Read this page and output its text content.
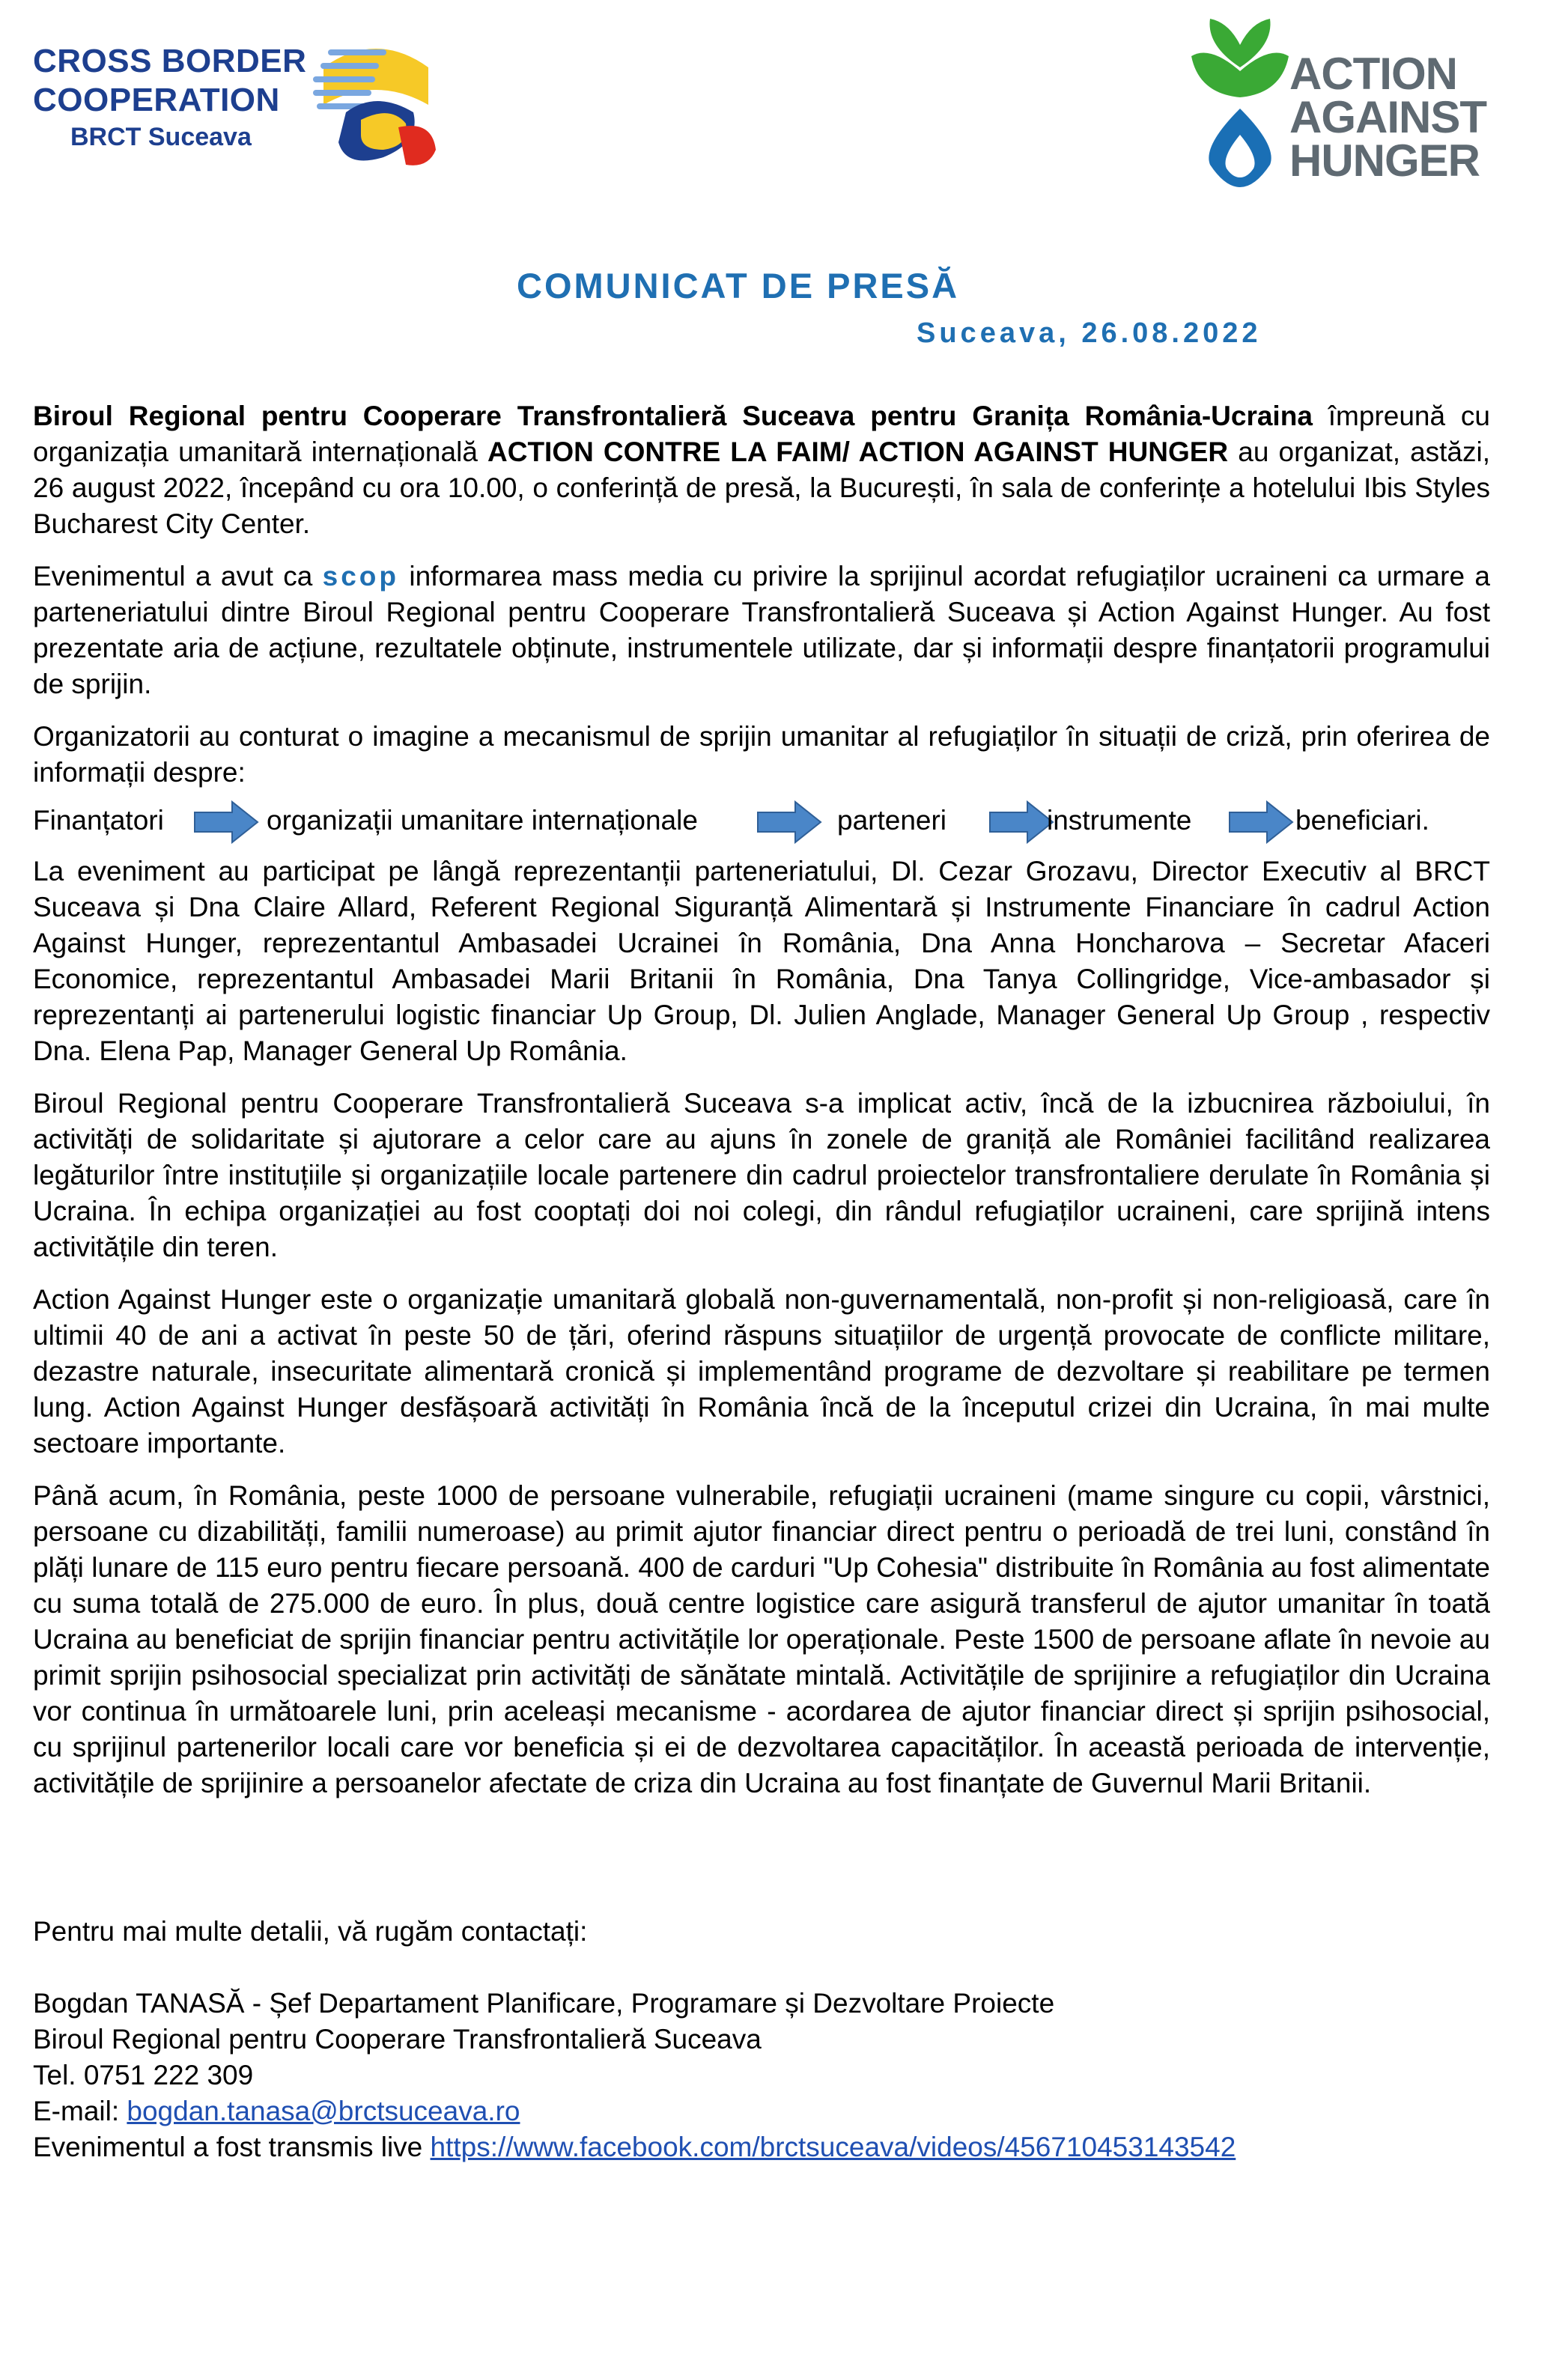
CROSS BORDER
COOPERATION
BRCT Suceava
ACTION
AGAINST
HUNGER
COMUNICAT DE PRESĂ
Suceava, 26.08.2022

Biroul Regional pentru Cooperare Transfrontalieră Suceava pentru Granița România-Ucraina împreună cu organizația umanitară internațională ACTION CONTRE LA FAIM/ ACTION AGAINST HUNGER au organizat, astăzi, 26 august 2022, începând cu ora 10.00, o conferință de presă, la București, în sala de conferințe a hotelului Ibis Styles Bucharest City Center.

Evenimentul a avut ca scop informarea mass media cu privire la sprijinul acordat refugiaților ucraineni ca urmare a parteneriatului dintre Biroul Regional pentru Cooperare Transfrontalieră Suceava și Action Against Hunger. Au fost prezentate aria de acțiune, rezultatele obținute, instrumentele utilizate, dar și informații despre finanțatorii programului de sprijin.

Organizatorii au conturat o imagine a mecanismul de sprijin umanitar al refugiaților în situații de criză, prin oferirea de informații despre:

Finanțatori	organizații umanitare internaționale	parteneri	instrumente	beneficiari.

La eveniment au participat pe lângă reprezentanții parteneriatului, Dl. Cezar Grozavu, Director Executiv al BRCT Suceava și Dna Claire Allard, Referent Regional Siguranță Alimentară și Instrumente Financiare în cadrul Action Against Hunger, reprezentantul Ambasadei Ucrainei în România, Dna Anna Honcharova – Secretar Afaceri Economice, reprezentantul Ambasadei Marii Britanii în România, Dna Tanya Collingridge, Vice-ambasador și reprezentanți ai partenerului logistic financiar Up Group, Dl. Julien Anglade, Manager General Up Group , respectiv Dna. Elena Pap, Manager General Up România.

Biroul Regional pentru Cooperare Transfrontalieră Suceava s-a implicat activ, încă de la izbucnirea războiului, în activități de solidaritate și ajutorare a celor care au ajuns în zonele de graniță ale României facilitând realizarea legăturilor între instituțiile și organizațiile locale partenere din cadrul proiectelor transfrontaliere derulate în România și Ucraina. În echipa organizației au fost cooptați doi noi colegi, din rândul refugiaților ucraineni, care sprijină intens activitățile din teren.

Action Against Hunger este o organizație umanitară globală non-guvernamentală, non-profit și non-religioasă, care în ultimii 40 de ani a activat în peste 50 de țări, oferind răspuns situațiilor de urgență provocate de conflicte militare, dezastre naturale, insecuritate alimentară cronică și implementând programe de dezvoltare și reabilitare pe termen lung. Action Against Hunger desfășoară activități în România încă de la începutul crizei din Ucraina, în mai multe sectoare importante.

Până acum, în România, peste 1000 de persoane vulnerabile, refugiații ucraineni (mame singure cu copii, vârstnici, persoane cu dizabilități, familii numeroase) au primit ajutor financiar direct pentru o perioadă de trei luni, constând în plăți lunare de 115 euro pentru fiecare persoană. 400 de carduri "Up Cohesia" distribuite în România au fost alimentate cu suma totală de 275.000 de euro. În plus, două centre logistice care asigură transferul de ajutor umanitar în toată Ucraina au beneficiat de sprijin financiar pentru activitățile lor operaționale. Peste 1500 de persoane aflate în nevoie au primit sprijin psihosocial specializat prin activități de sănătate mintală. Activitățile de sprijinire a refugiaților din Ucraina vor continua în următoarele luni, prin aceleași mecanisme - acordarea de ajutor financiar direct și sprijin psihosocial, cu sprijinul partenerilor locali care vor beneficia și ei de dezvoltarea capacităților. În această perioada de intervenție, activitățile de sprijinire a persoanelor afectate de criza din Ucraina au fost finanțate de Guvernul Marii Britanii.

Pentru mai multe detalii, vă rugăm contactați:
Bogdan TANASĂ - Șef Departament Planificare, Programare și Dezvoltare Proiecte
Biroul Regional pentru Cooperare Transfrontalieră Suceava
Tel. 0751 222 309
E-mail: bogdan.tanasa@brctsuceava.ro
Evenimentul a fost transmis live https://www.facebook.com/brctsuceava/videos/456710453143542
